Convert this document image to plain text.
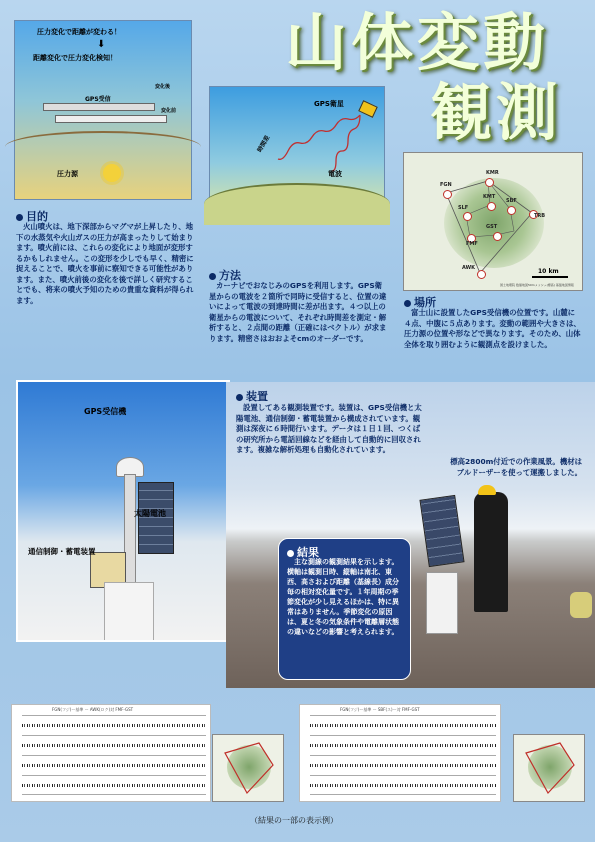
山体変動
観測
圧力変化で距離が変わる！
⬇
距離変化で圧力変化検知！
GPS受信
変化後
変化前
圧力源
GPS衛星
時間差
電波
目的
火山噴火は、地下深部からマグマが上昇したり、地下の水蒸気や火山ガスの圧力が高まったりして始まります。噴火前には、これらの変化により地面が変形するかもしれません。この変形を少しでも早く、精密に捉えることで、噴火を事前に察知できる可能性があります。また、噴火前後の変化を後で詳しく研究することでも、将来の噴火予知のための貴重な資料が得られます。
方法
カーナビでおなじみのGPSを利用します。GPS衛星からの電波を２箇所で同時に受信すると、位置の違いによって電波の到達時間に差が出ます。４つ以上の衛星からの電波について、それぞれ時間差を測定・解析すると、２点間の距離（正確にはベクトル）が求まります。精密さはおおよそcmのオーダーです。
FGN
KMR
KMT
SLF
SBF
GST
FMF
TRB
AWK	10 km
国土地理院 数値地図50mメッシュ(標高) 基盤地図情報
場所
富士山に設置したGPS受信機の位置です。山麓に４点、中腹に５点あります。変動の範囲や大きさは、圧力源の位置や形などで異なります。そのため、山体全体を取り囲むように観測点を設けました。
GPS受信機
太陽電池
通信制御・蓄電装置
装置
設置してある観測装置です。装置は、GPS受信機と太陽電池、通信制御・蓄電装置から構成されています。観測は深夜に６時間行います。データは１日１回、つくばの研究所から電話回線などを経由して自動的に回収されます。複雑な解析処理も自動化されています。
標高2800m付近での作業風景。機材はブルドーザーを使って運搬しました。
結果
主な測線の観測結果を示します。横軸は観測日時、縦軸は南北、東西、高さおよび距離（基線長）成分毎の相対変化量です。１年周期の季節変化が少し見えるほかは、特に異常はありません。季節変化の原因は、夏と冬の気象条件や電離層状態の違いなどの影響と考えられます。
FGN(フジ)ー基準 ー AWK(ロク)対 FMF-GST	FGN(フジ)ー基準 ー SBF(ス)ー対 FMF-GST
（結果の一部の表示例）
